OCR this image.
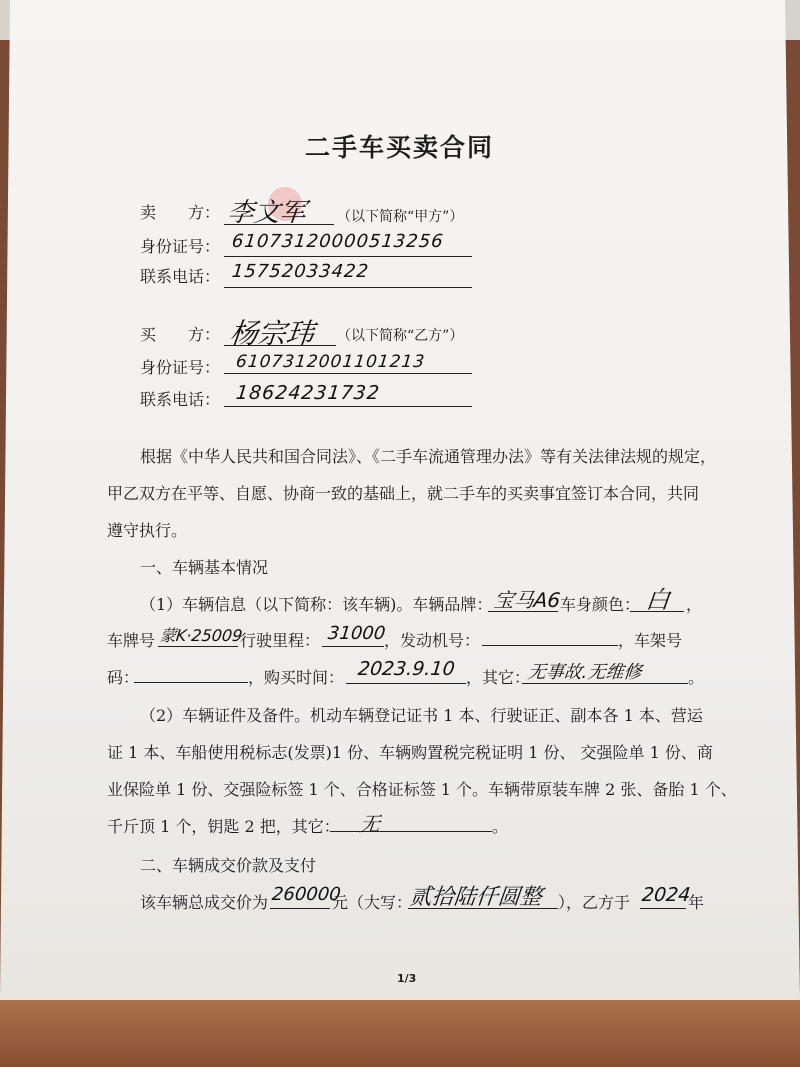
二手车买卖合同
卖　　方： 李文军 （以下简称“甲方”）
身份证号： 61073120000513256
联系电话： 15752033422
买　　方： 杨宗玮 （以下简称“乙方”）
身份证号： 6107312001101213
联系电话： 18624231732
根据《中华人民共和国合同法》、《二手车流通管理办法》等有关法律法规的规定，
甲乙双方在平等、自愿、协商一致的基础上，就二手车的买卖事宜签订本合同，共同
遵守执行。
一、车辆基本情况
（1）车辆信息（以下简称：该车辆)。车辆品牌： 宝马A6
车身颜色： 白 ，
车牌号 蒙K·25009
行驶里程： 31000
，发动机号：	，车架号
码：	，购买时间： 2023.9.10 ，其它：
无事故.无维修	。
（2）车辆证件及备件。机动车辆登记证书 1 本、行驶证正、副本各 1 本、营运
证 1 本、车船使用税标志(发票)1 份、车辆购置税完税证明 1 份、 交强险单 1 份、商
业保险单 1 份、交强险标签 1 个、合格证标签 1 个。车辆带原装车牌 2 张、备胎 1 个、
千斤顶 1 个，钥匙 2 把，其它： 无	。
二、车辆成交价款及支付
该车辆总成交价为 260000
元（大写：
贰拾陆仟圆整 ），乙方于 2024
年
1/3
